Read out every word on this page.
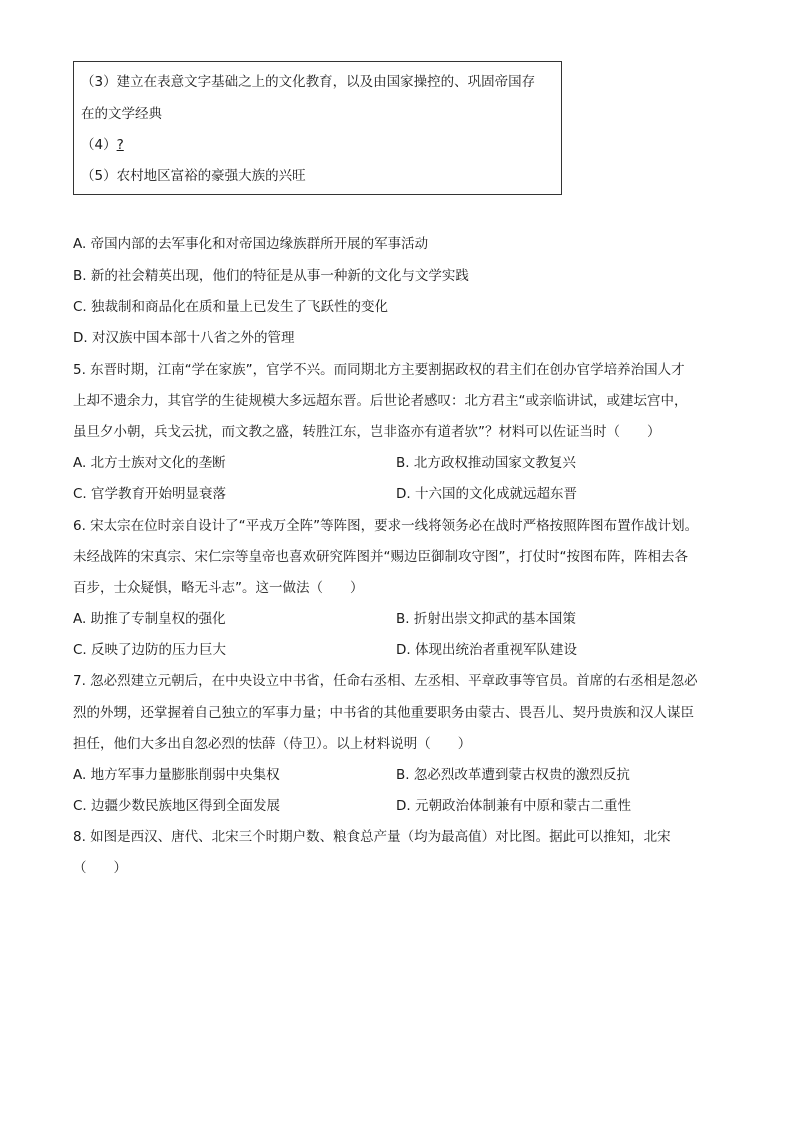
（3）建立在表意文字基础之上的文化教育，以及由国家操控的、巩固帝国存
在的文学经典
（4）?
（5）农村地区富裕的豪强大族的兴旺
A. 帝国内部的去军事化和对帝国边缘族群所开展的军事活动
B. 新的社会精英出现，他们的特征是从事一种新的文化与文学实践
C. 独裁制和商品化在质和量上已发生了飞跃性的变化
D. 对汉族中国本部十八省之外的管理
5. 东晋时期，江南“学在家族”，官学不兴。而同期北方主要割据政权的君主们在创办官学培养治国人才
上却不遗余力，其官学的生徒规模大多远超东晋。后世论者感叹：北方君主“或亲临讲试，或建坛宫中，
虽旦夕小朝，兵戈云扰，而文教之盛，转胜江东，岂非盗亦有道者欤”？材料可以佐证当时（　　）
A. 北方士族对文化的垄断	B. 北方政权推动国家文教复兴
C. 官学教育开始明显衰落	D. 十六国的文化成就远超东晋
6. 宋太宗在位时亲自设计了“平戎万全阵”等阵图，要求一线将领务必在战时严格按照阵图布置作战计划。
未经战阵的宋真宗、宋仁宗等皇帝也喜欢研究阵图并“赐边臣御制攻守图”，打仗时“按图布阵，阵相去各
百步，士众疑惧，略无斗志”。这一做法（　　）
A. 助推了专制皇权的强化	B. 折射出崇文抑武的基本国策
C. 反映了边防的压力巨大	D. 体现出统治者重视军队建设
7. 忽必烈建立元朝后，在中央设立中书省，任命右丞相、左丞相、平章政事等官员。首席的右丞相是忽必
烈的外甥，还掌握着自己独立的军事力量；中书省的其他重要职务由蒙古、畏吾儿、契丹贵族和汉人谋臣
担任，他们大多出自忽必烈的怯薛（侍卫）。以上材料说明（　　）
A. 地方军事力量膨胀削弱中央集权	B. 忽必烈改革遭到蒙古权贵的激烈反抗
C. 边疆少数民族地区得到全面发展	D. 元朝政治体制兼有中原和蒙古二重性
8. 如图是西汉、唐代、北宋三个时期户数、粮食总产量（均为最高值）对比图。据此可以推知，北宋
（　　）
